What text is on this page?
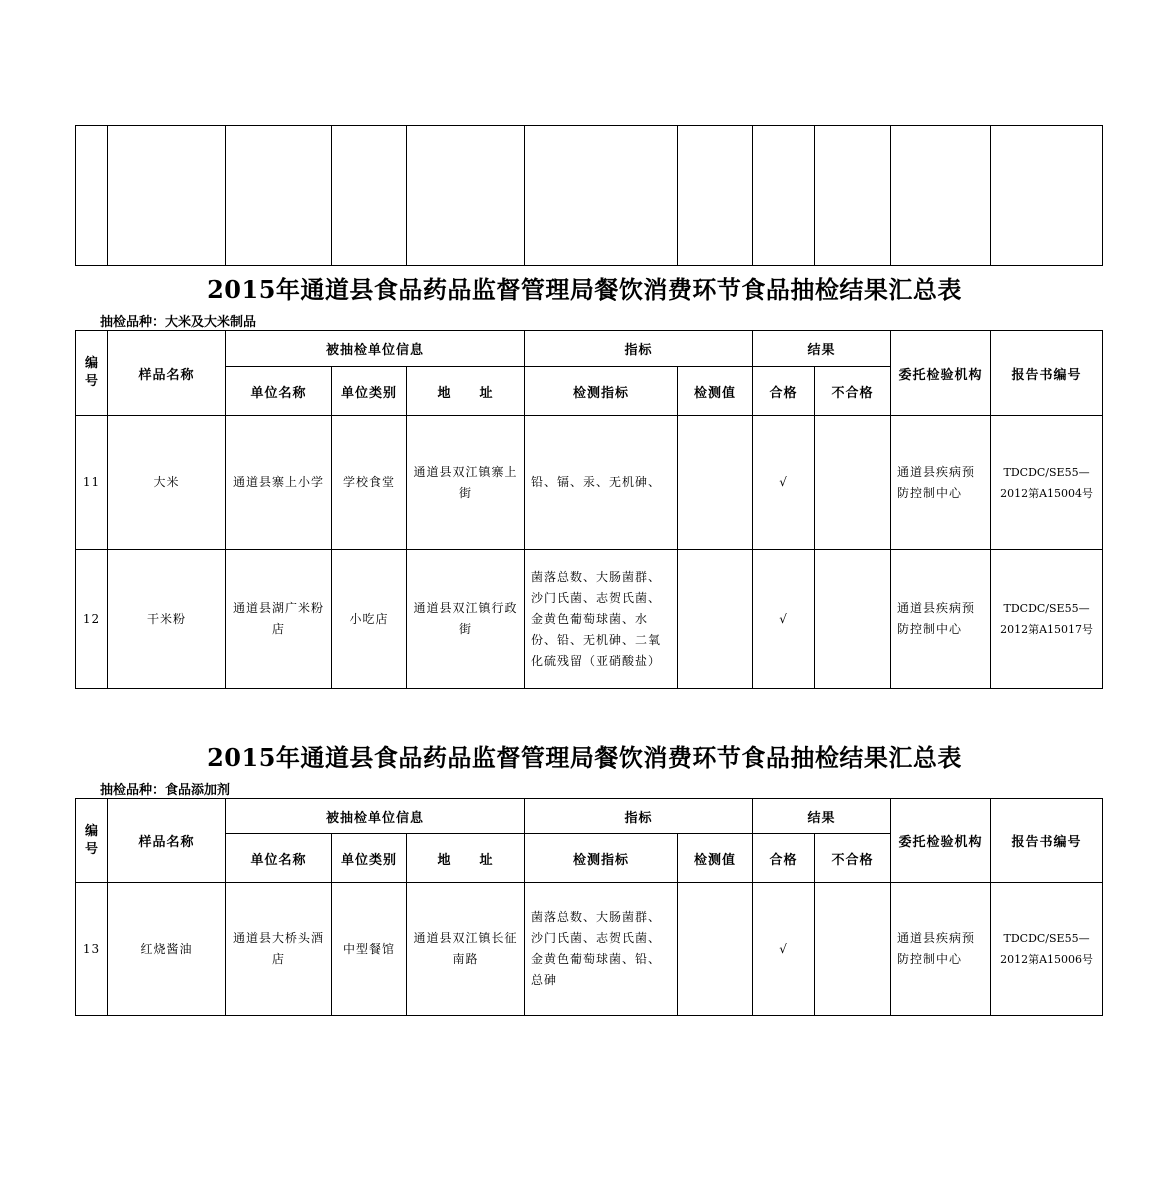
2015年通道县食品药品监督管理局餐饮消费环节食品抽检结果汇总表
抽检品种：大米及大米制品
编
号	样品名称	被抽检单位信息			指标		结果		委托检验机构	报告书编号
		单位名称	单位类别	地　　址	检测指标	检测值	合格	不合格		
11	大米	通道县寨上小学	学校食堂	通道县双江镇寨上街	铅、镉、汞、无机砷、		√		通道县疾病预防控制中心	TDCDC/SE55—2012第A15004号
12	干米粉	通道县湖广米粉店	小吃店	通道县双江镇行政街	菌落总数、大肠菌群、沙门氏菌、志贺氏菌、金黄色葡萄球菌、水份、铅、无机砷、二氧化硫残留（亚硝酸盐）		√		通道县疾病预防控制中心	TDCDC/SE55—2012第A15017号
2015年通道县食品药品监督管理局餐饮消费环节食品抽检结果汇总表
抽检品种：食品添加剂
编
号	样品名称	被抽检单位信息			指标		结果		委托检验机构	报告书编号
		单位名称	单位类别	地　　址	检测指标	检测值	合格	不合格		
13	红烧酱油	通道县大桥头酒店	中型餐馆	通道县双江镇长征南路	菌落总数、大肠菌群、沙门氏菌、志贺氏菌、金黄色葡萄球菌、铅、总砷		√		通道县疾病预防控制中心	TDCDC/SE55—2012第A15006号
